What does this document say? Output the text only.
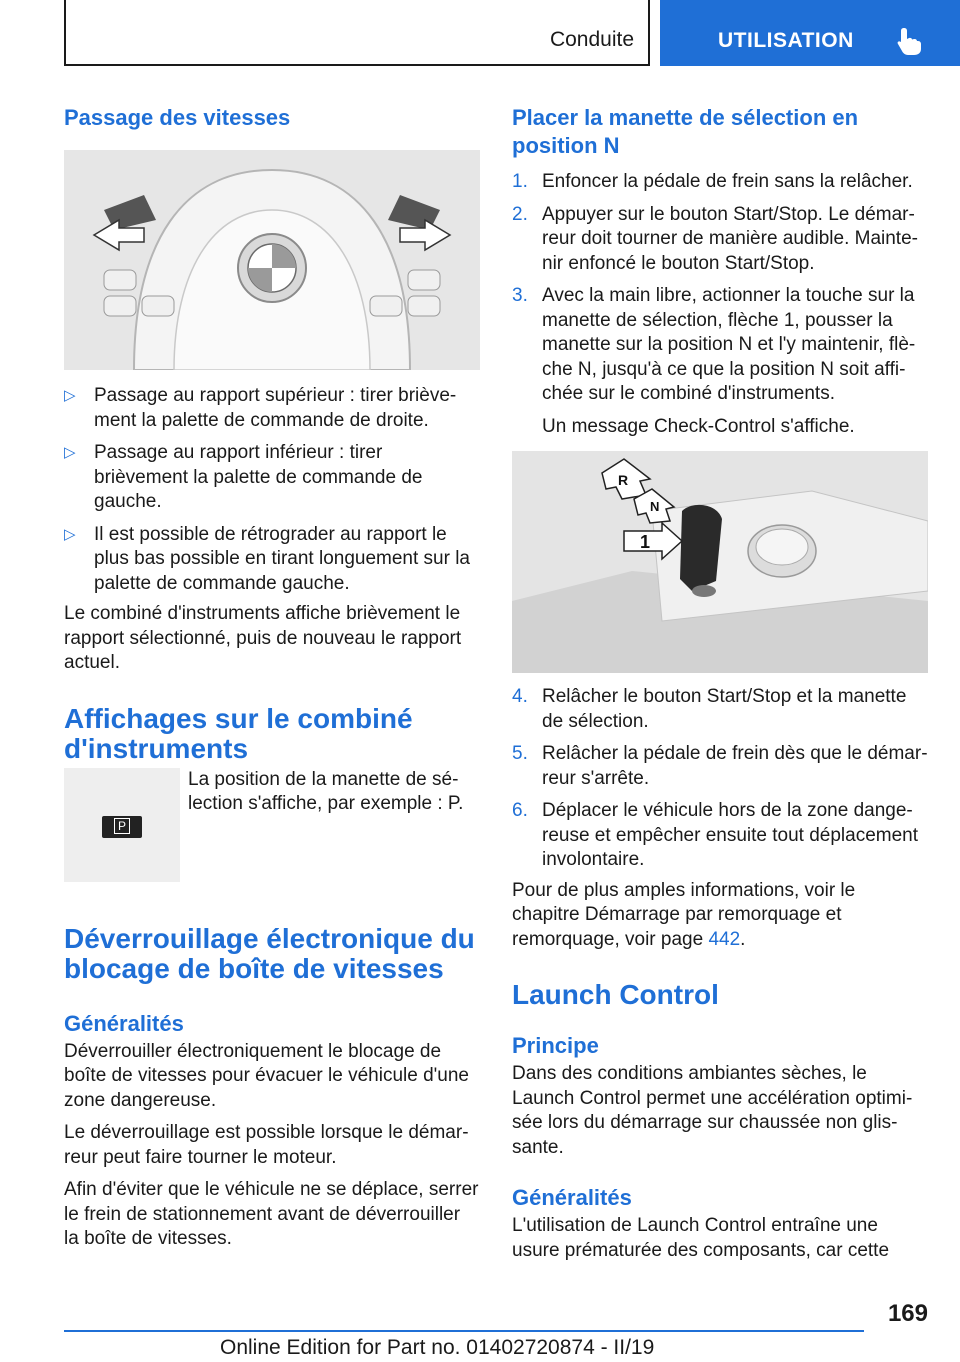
Conduite	UTILISATION
Passage des vitesses
▷ Passage au rapport supérieur : tirer brièvement la palette de commande de droite.
▷ Passage au rapport inférieur : tirer brièvement la palette de commande de gauche.
▷ Il est possible de rétrograder au rapport le plus bas possible en tirant longuement sur la palette de commande gauche.

Le combiné d'instruments affiche brièvement le rapport sélectionné, puis de nouveau le rapport actuel.

Affichages sur le combiné d'instruments
P

La position de la manette de sélection s'affiche, par exemple : P.

Déverrouillage électronique du blocage de boîte de vitesses
Généralités

Déverrouiller électroniquement le blocage de boîte de vitesses pour évacuer le véhicule d'une zone dangereuse.

Le déverrouillage est possible lorsque le démarreur peut faire tourner le moteur.

Afin d'éviter que le véhicule ne se déplace, serrer le frein de stationnement avant de déverrouiller la boîte de vitesses.

Placer la manette de sélection en position N
1. Enfoncer la pédale de frein sans la relâcher.
2. Appuyer sur le bouton Start/Stop. Le démarreur doit tourner de manière audible. Maintenir enfoncé le bouton Start/Stop.
3. Avec la main libre, actionner la touche sur la manette de sélection, flèche 1, pousser la manette sur la position N et l'y maintenir, flèche N, jusqu'à ce que la position N soit affichée sur le combiné d'instruments.
Un message Check-Control s'affiche.
R
N
1
4. Relâcher le bouton Start/Stop et la manette de sélection.
5. Relâcher la pédale de frein dès que le démarreur s'arrête.
6. Déplacer le véhicule hors de la zone dangereuse et empêcher ensuite tout déplacement involontaire.

Pour de plus amples informations, voir le chapitre Démarrage par remorquage et remorquage, voir page 442.

Launch Control
Principe

Dans des conditions ambiantes sèches, le Launch Control permet une accélération optimisée lors du démarrage sur chaussée non glissante.

Généralités

L'utilisation de Launch Control entraîne une usure prématurée des composants, car cette

169
Online Edition for Part no. 01402720874 - II/19
